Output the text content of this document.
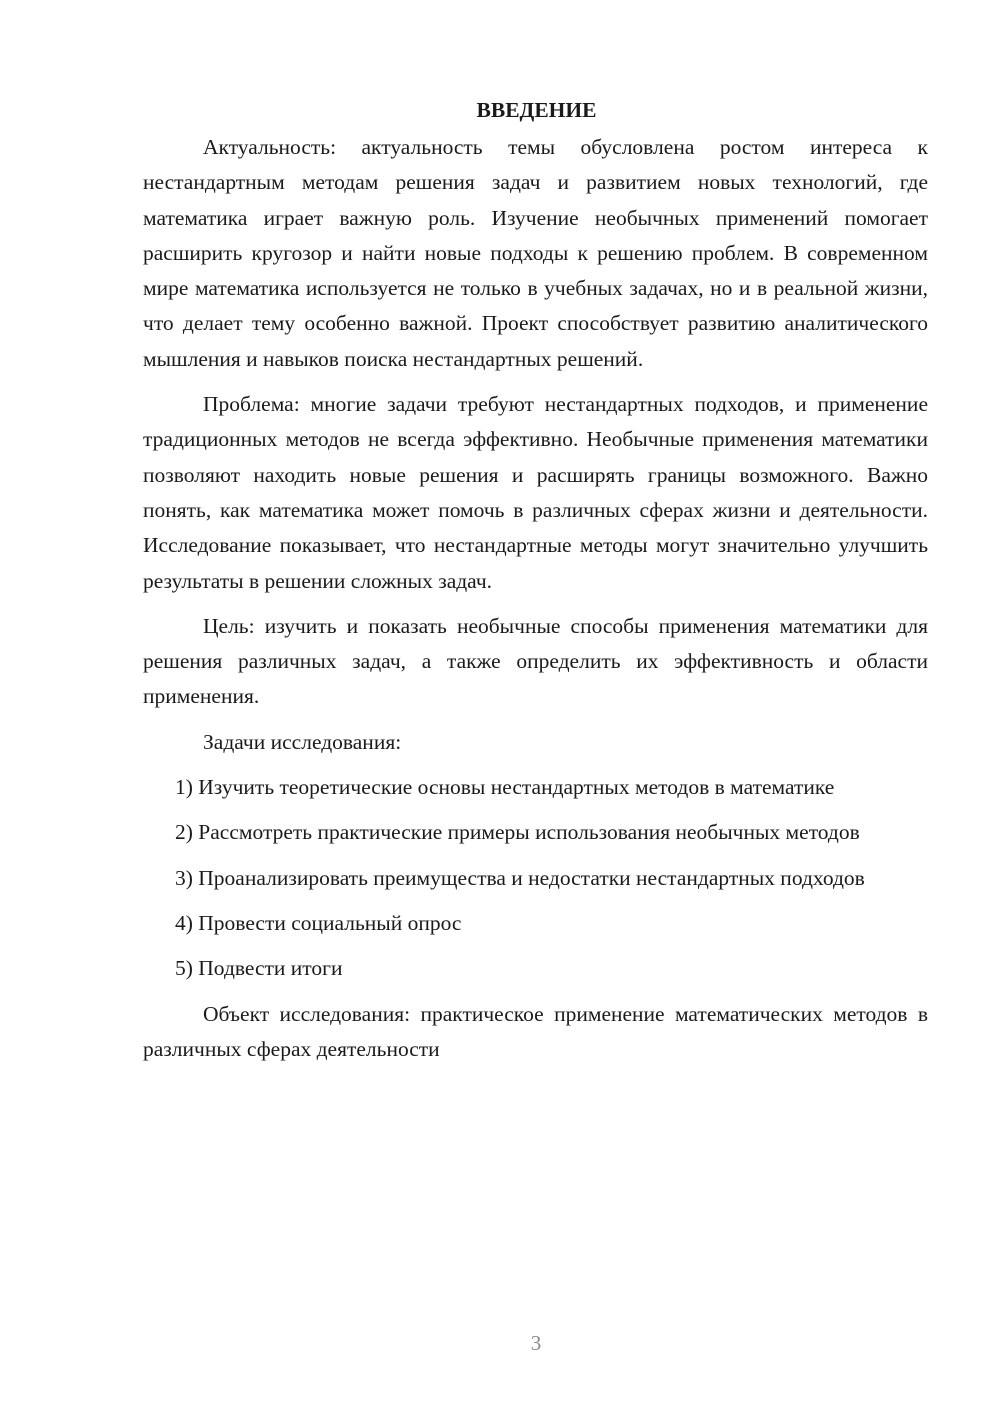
ВВЕДЕНИЕ

Актуальность: актуальность темы обусловлена ростом интереса к нестандартным методам решения задач и развитием новых технологий, где математика играет важную роль. Изучение необычных применений помогает расширить кругозор и найти новые подходы к решению проблем. В современном мире математика используется не только в учебных задачах, но и в реальной жизни, что делает тему особенно важной. Проект способствует развитию аналитического мышления и навыков поиска нестандартных решений.

Проблема: многие задачи требуют нестандартных подходов, и применение традиционных методов не всегда эффективно. Необычные применения математики позволяют находить новые решения и расширять границы возможного. Важно понять, как математика может помочь в различных сферах жизни и деятельности. Исследование показывает, что нестандартные методы могут значительно улучшить результаты в решении сложных задач.

Цель: изучить и показать необычные способы применения математики для решения различных задач, а также определить их эффективность и области применения.

Задачи исследования:

1) Изучить теоретические основы нестандартных методов в математике

2) Рассмотреть практические примеры использования необычных методов

3) Проанализировать преимущества и недостатки нестандартных подходов

4) Провести социальный опрос

5) Подвести итоги

Объект исследования: практическое применение математических методов в различных сферах деятельности

3
